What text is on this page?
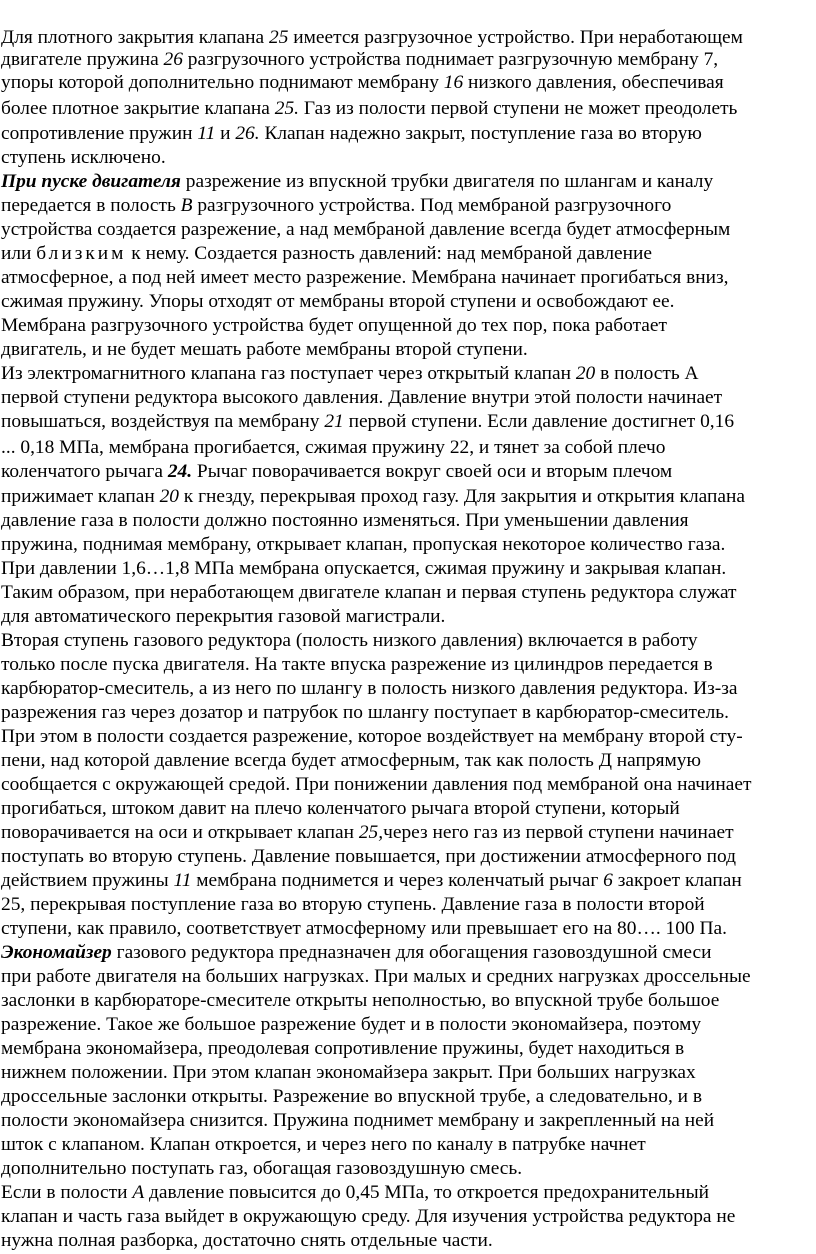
Для плотного закрытия клапана 25 имеется разгрузочное устройство. При неработающем
двигателе пружина 26 разгрузочного устройства поднимает разгрузочную мембрану 7,
упоры которой дополнительно поднимают мембрану 16 низкого давления, обеспечивая
более плотное закрытие клапана 25. Газ из полости первой ступени не может преодолеть
сопротивление пружин 11 и 26. Клапан надежно закрыт, поступление газа во вторую
ступень исключено.
При пуске двигателя разрежение из впускной трубки двигателя по шлангам и каналу
передается в полость В разгрузочного устройства. Под мембраной разгрузочного
устройства создается разрежение, а над мембраной давление всегда будет атмосферным
или близким к нему. Создается разность давлений: над мембраной давление
атмосферное, а под ней имеет место разрежение. Мембрана начинает прогибаться вниз,
сжимая пружину. Упоры отходят от мембраны второй ступени и освобождают ее.
Мембрана разгрузочного устройства будет опущенной до тех пор, пока работает
двигатель, и не будет мешать работе мембраны второй ступени.
Из электромагнитного клапана газ поступает через открытый клапан 20 в полость А
первой ступени редуктора высокого давления. Давление внутри этой полости начинает
повышаться, воздействуя па мембрану 21 первой ступени. Если давление достигнет 0,16
... 0,18 МПа, мембрана прогибается, сжимая пружину 22, и тянет за собой плечо
коленчатого рычага 24. Рычаг поворачивается вокруг своей оси и вторым плечом
прижимает клапан 20 к гнезду, перекрывая проход газу. Для закрытия и открытия клапана
давление газа в полости должно постоянно изменяться. При уменьшении давления
пружина, поднимая мембрану, открывает клапан, пропуская некоторое количество газа.
При давлении 1,6…1,8 МПа мембрана опускается, сжимая пружину и закрывая клапан.
Таким образом, при неработающем двигателе клапан и первая ступень редуктора служат
для автоматического перекрытия газовой магистрали.
Вторая ступень газового редуктора (полость низкого давления) включается в работу
только после пуска двигателя. На такте впуска разрежение из цилиндров передается в
карбюратор-смеситель, а из него по шлангу в полость низкого давления редуктора. Из-за
разрежения газ через дозатор и патрубок по шлангу поступает в карбюратор-смеситель.
При этом в полости создается разрежение, которое воздействует на мембрану второй сту-
пени, над которой давление всегда будет атмосферным, так как полость Д напрямую
сообщается с окружающей средой. При понижении давления под мембраной она начинает
прогибаться, штоком давит на плечо коленчатого рычага второй ступени, который
поворачивается на оси и открывает клапан 25,через него газ из первой ступени начинает
поступать во вторую ступень. Давление повышается, при достижении атмосферного под
действием пружины 11 мембрана поднимется и через коленчатый рычаг 6 закроет клапан
25, перекрывая поступление газа во вторую ступень. Давление газа в полости второй
ступени, как правило, соответствует атмосферному или превышает его на 80…. 100 Па.
Экономайзер газового редуктора предназначен для обогащения газовоздушной смеси
при работе двигателя на больших нагрузках. При малых и средних нагрузках дроссельные
заслонки в карбюраторе-смесителе открыты неполностью, во впускной трубе большое
разрежение. Такое же большое разрежение будет и в полости экономайзера, поэтому
мембрана экономайзера, преодолевая сопротивление пружины, будет находиться в
нижнем положении. При этом клапан экономайзера закрыт. При больших нагрузках
дроссельные заслонки открыты. Разрежение во впускной трубе, а следовательно, и в
полости экономайзера снизится. Пружина поднимет мембрану и закрепленный на ней
шток с клапаном. Клапан откроется, и через него по каналу в патрубке начнет
дополнительно поступать газ, обогащая газовоздушную смесь.
Если в полости А давление повысится до 0,45 МПа, то откроется предохранительный
клапан и часть газа выйдет в окружающую среду. Для изучения устройства редуктора не
нужна полная разборка, достаточно снять отдельные части.
